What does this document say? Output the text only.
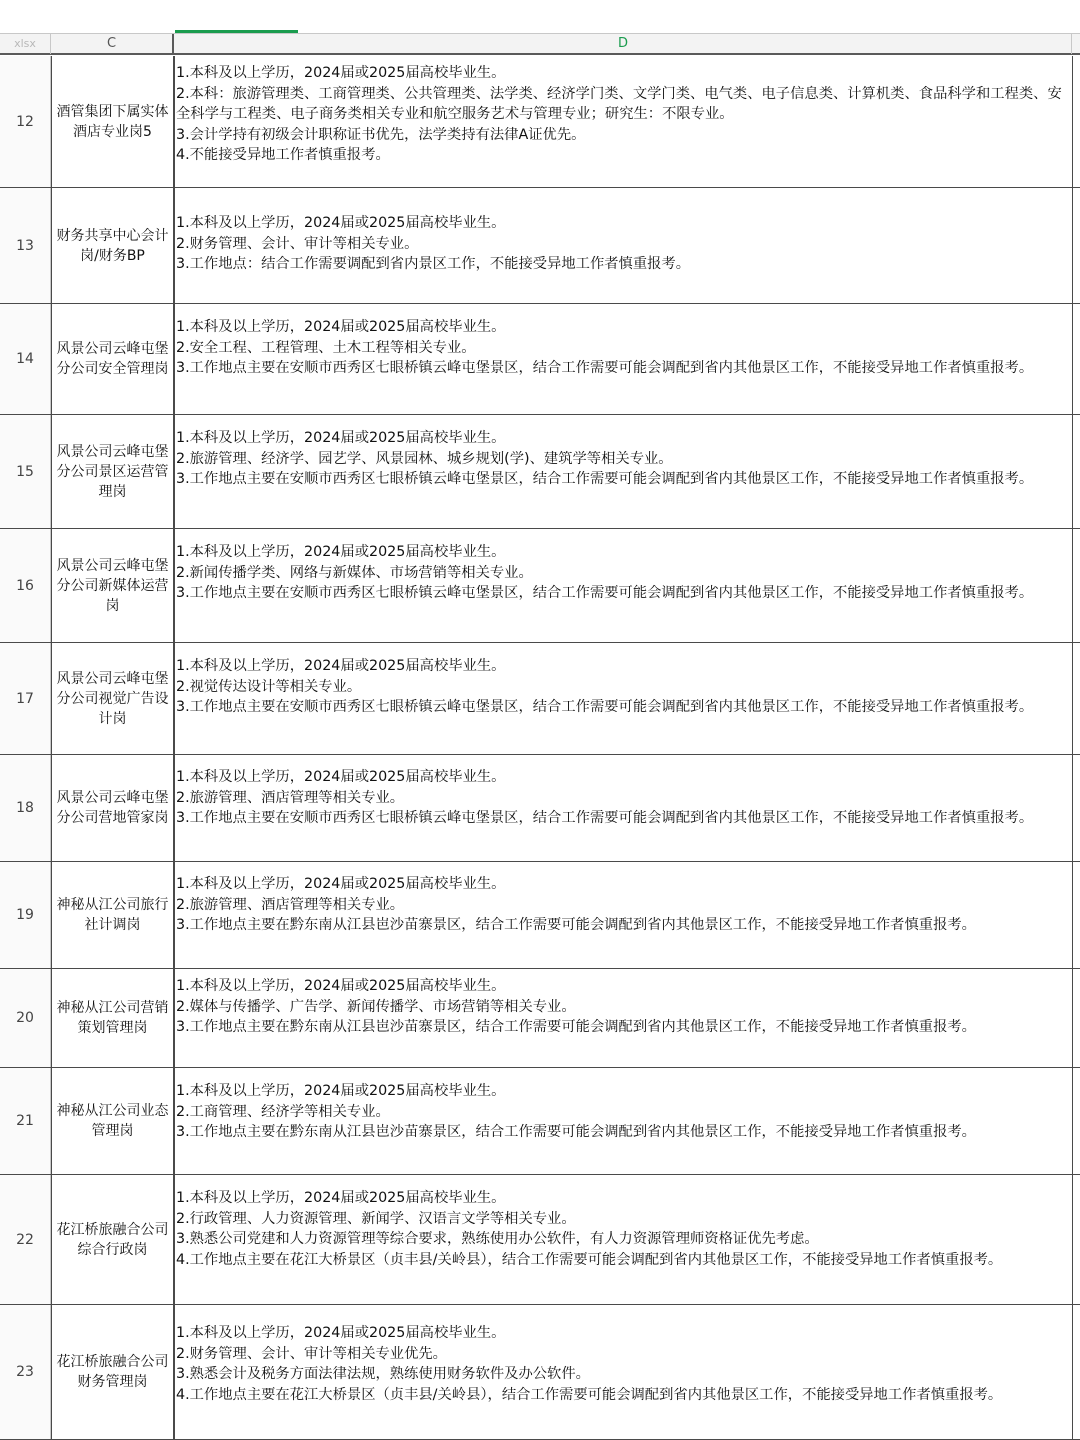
xlsx	C	D
12
酒管集团下属实体酒店专业岗5
1.本科及以上学历，2024届或2025届高校毕业生。
2.本科：旅游管理类、工商管理类、公共管理类、法学类、经济学门类、文学门类、电气类、电子信息类、计算机类、食品科学和工程类、安全科学与工程类、电子商务类相关专业和航空服务艺术与管理专业；研究生：不限专业。
3.会计学持有初级会计职称证书优先，法学类持有法律A证优先。
4.不能接受异地工作者慎重报考。
13
财务共享中心会计岗/财务BP
1.本科及以上学历，2024届或2025届高校毕业生。
2.财务管理、会计、审计等相关专业。
3.工作地点：结合工作需要调配到省内景区工作，不能接受异地工作者慎重报考。
14
风景公司云峰屯堡分公司安全管理岗
1.本科及以上学历，2024届或2025届高校毕业生。
2.安全工程、工程管理、土木工程等相关专业。
3.工作地点主要在安顺市西秀区七眼桥镇云峰屯堡景区，结合工作需要可能会调配到省内其他景区工作，不能接受异地工作者慎重报考。
15
风景公司云峰屯堡分公司景区运营管理岗
1.本科及以上学历，2024届或2025届高校毕业生。
2.旅游管理、经济学、园艺学、风景园林、城乡规划(学)、建筑学等相关专业。
3.工作地点主要在安顺市西秀区七眼桥镇云峰屯堡景区，结合工作需要可能会调配到省内其他景区工作，不能接受异地工作者慎重报考。
16
风景公司云峰屯堡分公司新媒体运营岗
1.本科及以上学历，2024届或2025届高校毕业生。
2.新闻传播学类、网络与新媒体、市场营销等相关专业。
3.工作地点主要在安顺市西秀区七眼桥镇云峰屯堡景区，结合工作需要可能会调配到省内其他景区工作，不能接受异地工作者慎重报考。
17
风景公司云峰屯堡分公司视觉广告设计岗
1.本科及以上学历，2024届或2025届高校毕业生。
2.视觉传达设计等相关专业。
3.工作地点主要在安顺市西秀区七眼桥镇云峰屯堡景区，结合工作需要可能会调配到省内其他景区工作，不能接受异地工作者慎重报考。
18
风景公司云峰屯堡分公司营地管家岗
1.本科及以上学历，2024届或2025届高校毕业生。
2.旅游管理、酒店管理等相关专业。
3.工作地点主要在安顺市西秀区七眼桥镇云峰屯堡景区，结合工作需要可能会调配到省内其他景区工作，不能接受异地工作者慎重报考。
19
神秘从江公司旅行社计调岗
1.本科及以上学历，2024届或2025届高校毕业生。
2.旅游管理、酒店管理等相关专业。
3.工作地点主要在黔东南从江县岜沙苗寨景区，结合工作需要可能会调配到省内其他景区工作，不能接受异地工作者慎重报考。
20
神秘从江公司营销策划管理岗
1.本科及以上学历，2024届或2025届高校毕业生。
2.媒体与传播学、广告学、新闻传播学、市场营销等相关专业。
3.工作地点主要在黔东南从江县岜沙苗寨景区，结合工作需要可能会调配到省内其他景区工作，不能接受异地工作者慎重报考。
21
神秘从江公司业态管理岗
1.本科及以上学历，2024届或2025届高校毕业生。
2.工商管理、经济学等相关专业。
3.工作地点主要在黔东南从江县岜沙苗寨景区，结合工作需要可能会调配到省内其他景区工作，不能接受异地工作者慎重报考。
22
花江桥旅融合公司综合行政岗
1.本科及以上学历，2024届或2025届高校毕业生。
2.行政管理、人力资源管理、新闻学、汉语言文学等相关专业。
3.熟悉公司党建和人力资源管理等综合要求，熟练使用办公软件，有人力资源管理师资格证优先考虑。
4.工作地点主要在花江大桥景区（贞丰县/关岭县），结合工作需要可能会调配到省内其他景区工作，不能接受异地工作者慎重报考。
23
花江桥旅融合公司财务管理岗
1.本科及以上学历，2024届或2025届高校毕业生。
2.财务管理、会计、审计等相关专业优先。
3.熟悉会计及税务方面法律法规，熟练使用财务软件及办公软件。
4.工作地点主要在花江大桥景区（贞丰县/关岭县），结合工作需要可能会调配到省内其他景区工作，不能接受异地工作者慎重报考。
